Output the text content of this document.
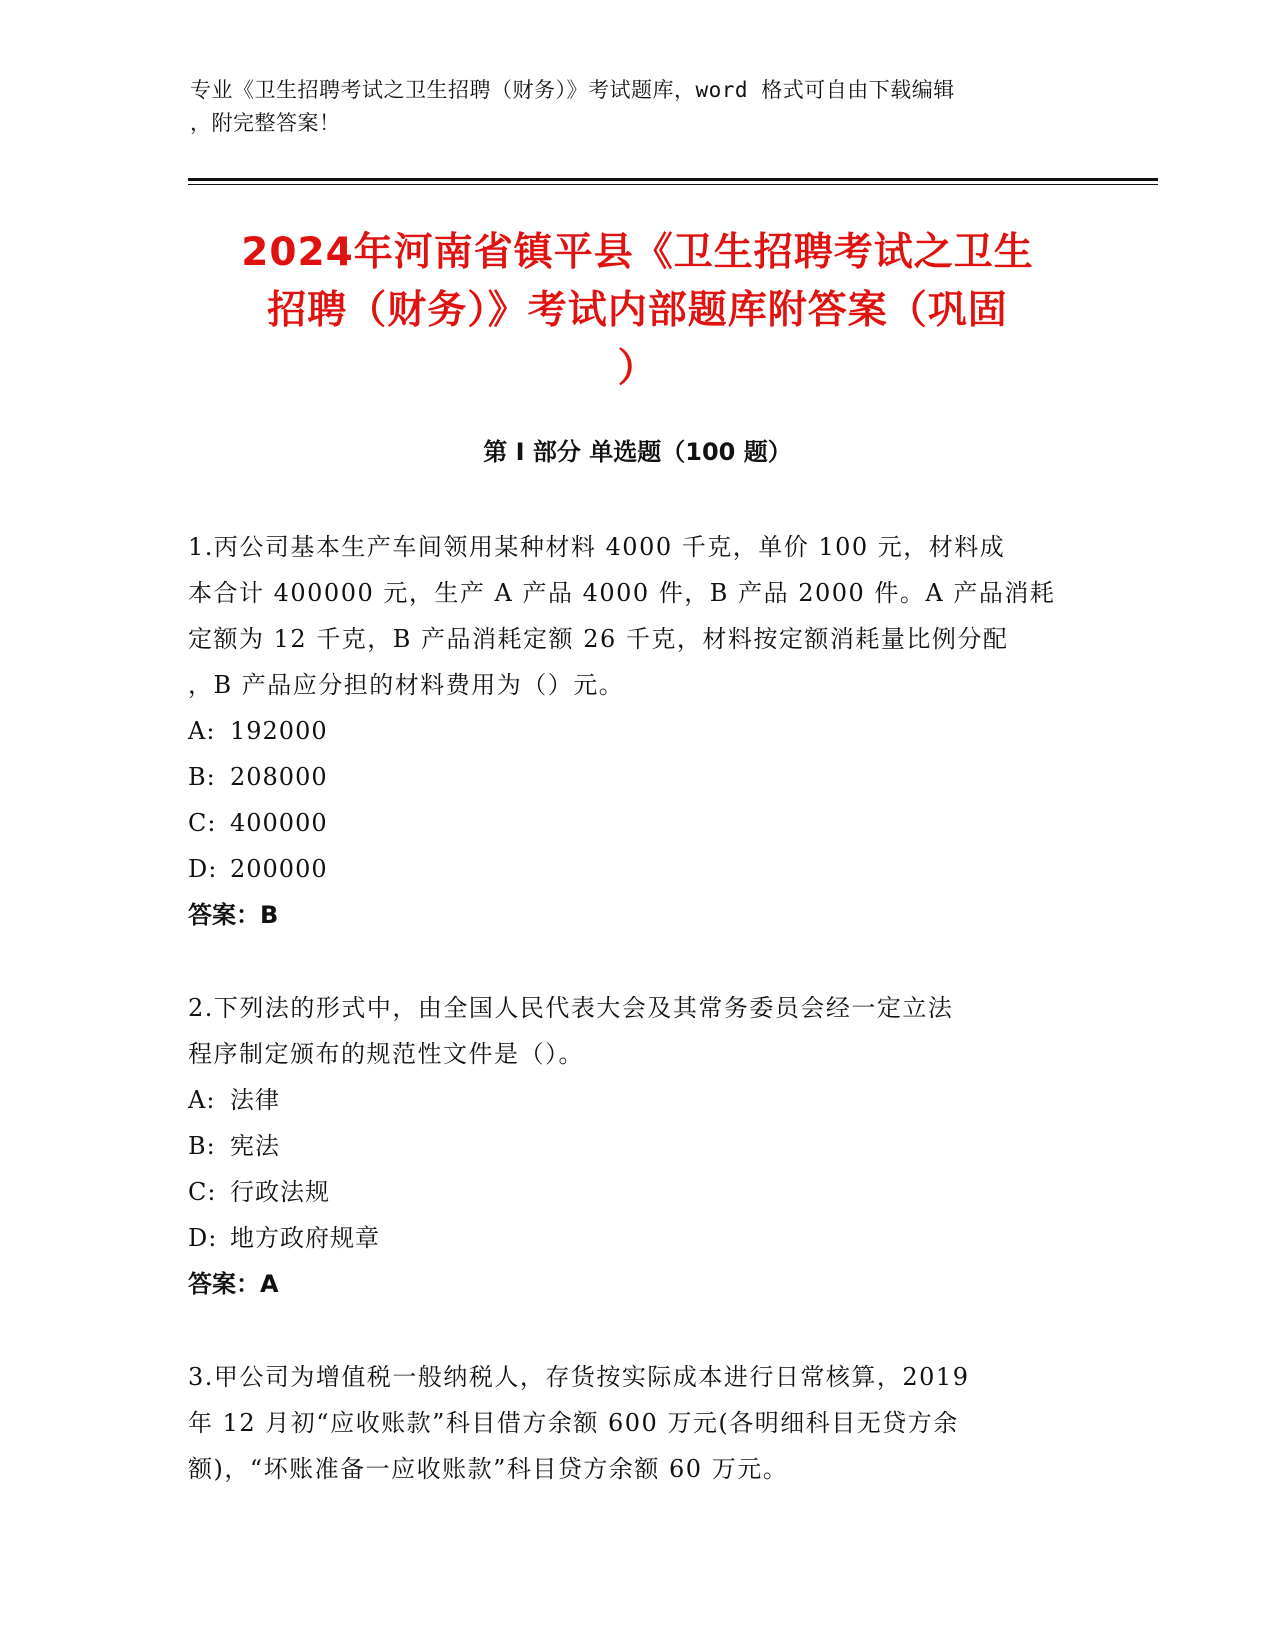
专业《卫生招聘考试之卫生招聘（财务）》考试题库，word 格式可自由下载编辑
，附完整答案！
2024年河南省镇平县《卫生招聘考试之卫生
招聘（财务）》考试内部题库附答案（巩固
）
第 I 部分 单选题（100 题）
1.丙公司基本生产车间领用某种材料 4000 千克，单价 100 元，材料成
本合计 400000 元，生产 A 产品 4000 件，B 产品 2000 件。A 产品消耗
定额为 12 千克，B 产品消耗定额 26 千克，材料按定额消耗量比例分配
，B 产品应分担的材料费用为（）元。
A: 192000
B: 208000
C: 400000
D: 200000
答案：B
2.下列法的形式中，由全国人民代表大会及其常务委员会经一定立法
程序制定颁布的规范性文件是（）。
A: 法律
B: 宪法
C: 行政法规
D: 地方政府规章
答案：A
3.甲公司为增值税一般纳税人，存货按实际成本进行日常核算，2019
年 12 月初“应收账款”科目借方余额 600 万元(各明细科目无贷方余
额)，“坏账准备一应收账款”科目贷方余额 60 万元。
